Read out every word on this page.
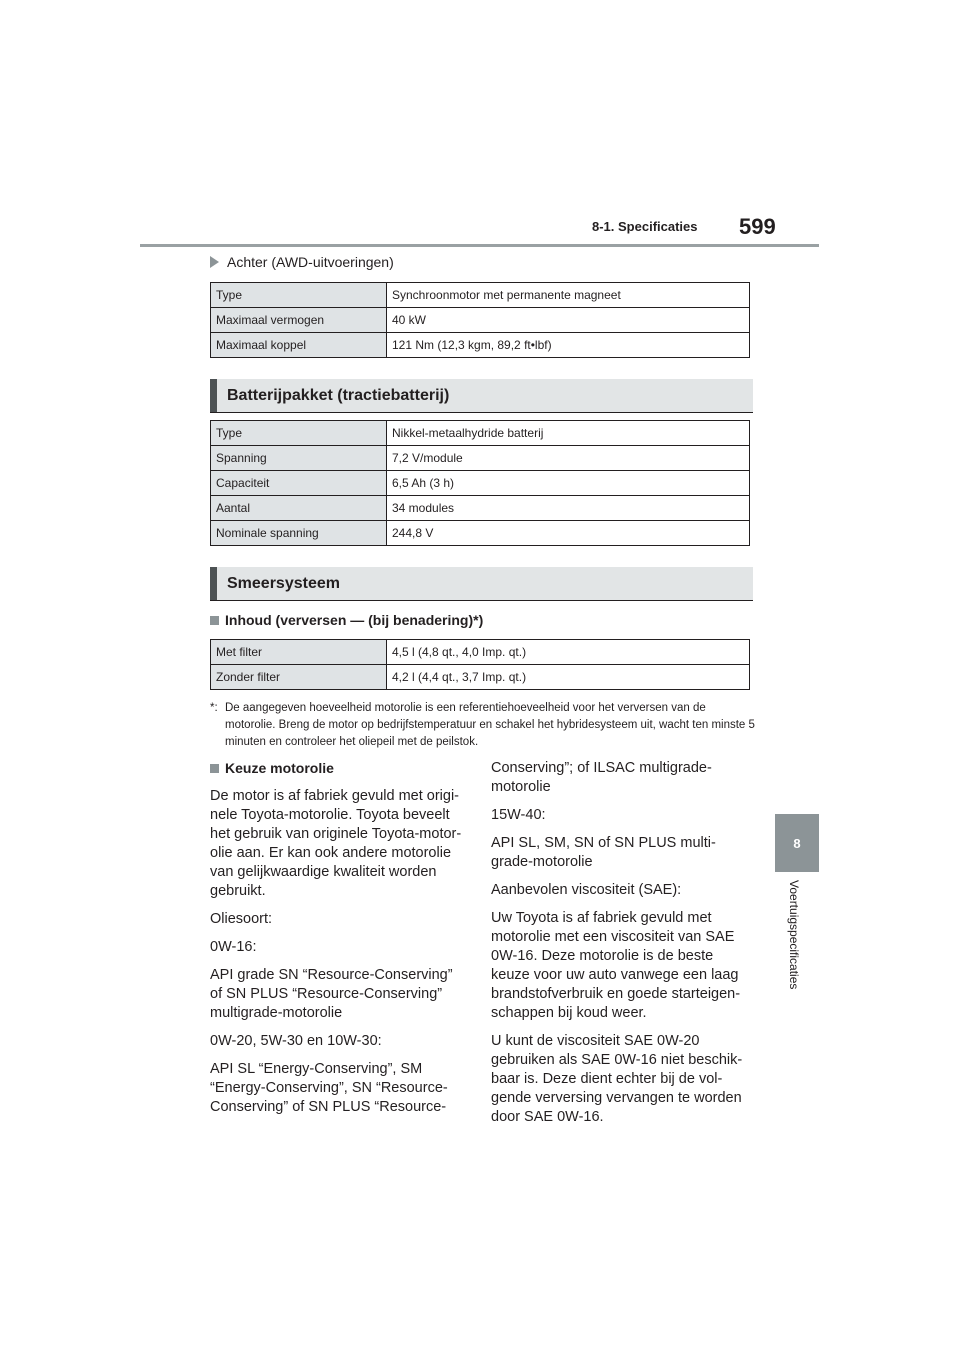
8-1. Specificaties 599
8
Voertuigspecificaties
Achter (AWD-uitvoeringen)
Type	Synchroonmotor met permanente magneet
Maximaal vermogen	40 kW
Maximaal koppel	121 Nm (12,3 kgm, 89,2 ft•lbf)
Batterijpakket (tractiebatterij)
Type	Nikkel-metaalhydride batterij
Spanning	7,2 V/module
Capaciteit	6,5 Ah (3 h)
Aantal	34 modules
Nominale spanning	244,8 V
Smeersysteem
Inhoud (verversen — (bij benadering)*)
Met filter	4,5 l (4,8 qt., 4,0 Imp. qt.)
Zonder filter	4,2 l (4,4 qt., 3,7 Imp. qt.)
*: De aangegeven hoeveelheid motorolie is een referentiehoeveelheid voor het verversen van de motorolie. Breng de motor op bedrijfstemperatuur en schakel het hybridesysteem uit, wacht ten minste 5 minuten en controleer het oliepeil met de peilstok.

Keuze motorolie

De motor is af fabriek gevuld met origi-nele Toyota-motorolie. Toyota beveelt het gebruik van originele Toyota-motor-olie aan. Er kan ook andere motorolie van gelijkwaardige kwaliteit worden gebruikt.

Oliesoort:

0W-16:

API grade SN “Resource-Conserving” of SN PLUS “Resource-Conserving” multigrade-motorolie

0W-20, 5W-30 en 10W-30:

API SL “Energy-Conserving”, SM “Energy-Conserving”, SN “Resource-Conserving” of SN PLUS “Resource-

Conserving”; of ILSAC multigrade-motorolie

15W-40:

API SL, SM, SN of SN PLUS multi-grade-motorolie

Aanbevolen viscositeit (SAE):

Uw Toyota is af fabriek gevuld met motorolie met een viscositeit van SAE 0W-16. Deze motorolie is de beste keuze voor uw auto vanwege een laag brandstofverbruik en goede starteigen-schappen bij koud weer.

U kunt de viscositeit SAE 0W-20 gebruiken als SAE 0W-16 niet beschik-baar is. Deze dient echter bij de vol-gende verversing vervangen te worden door SAE 0W-16.
